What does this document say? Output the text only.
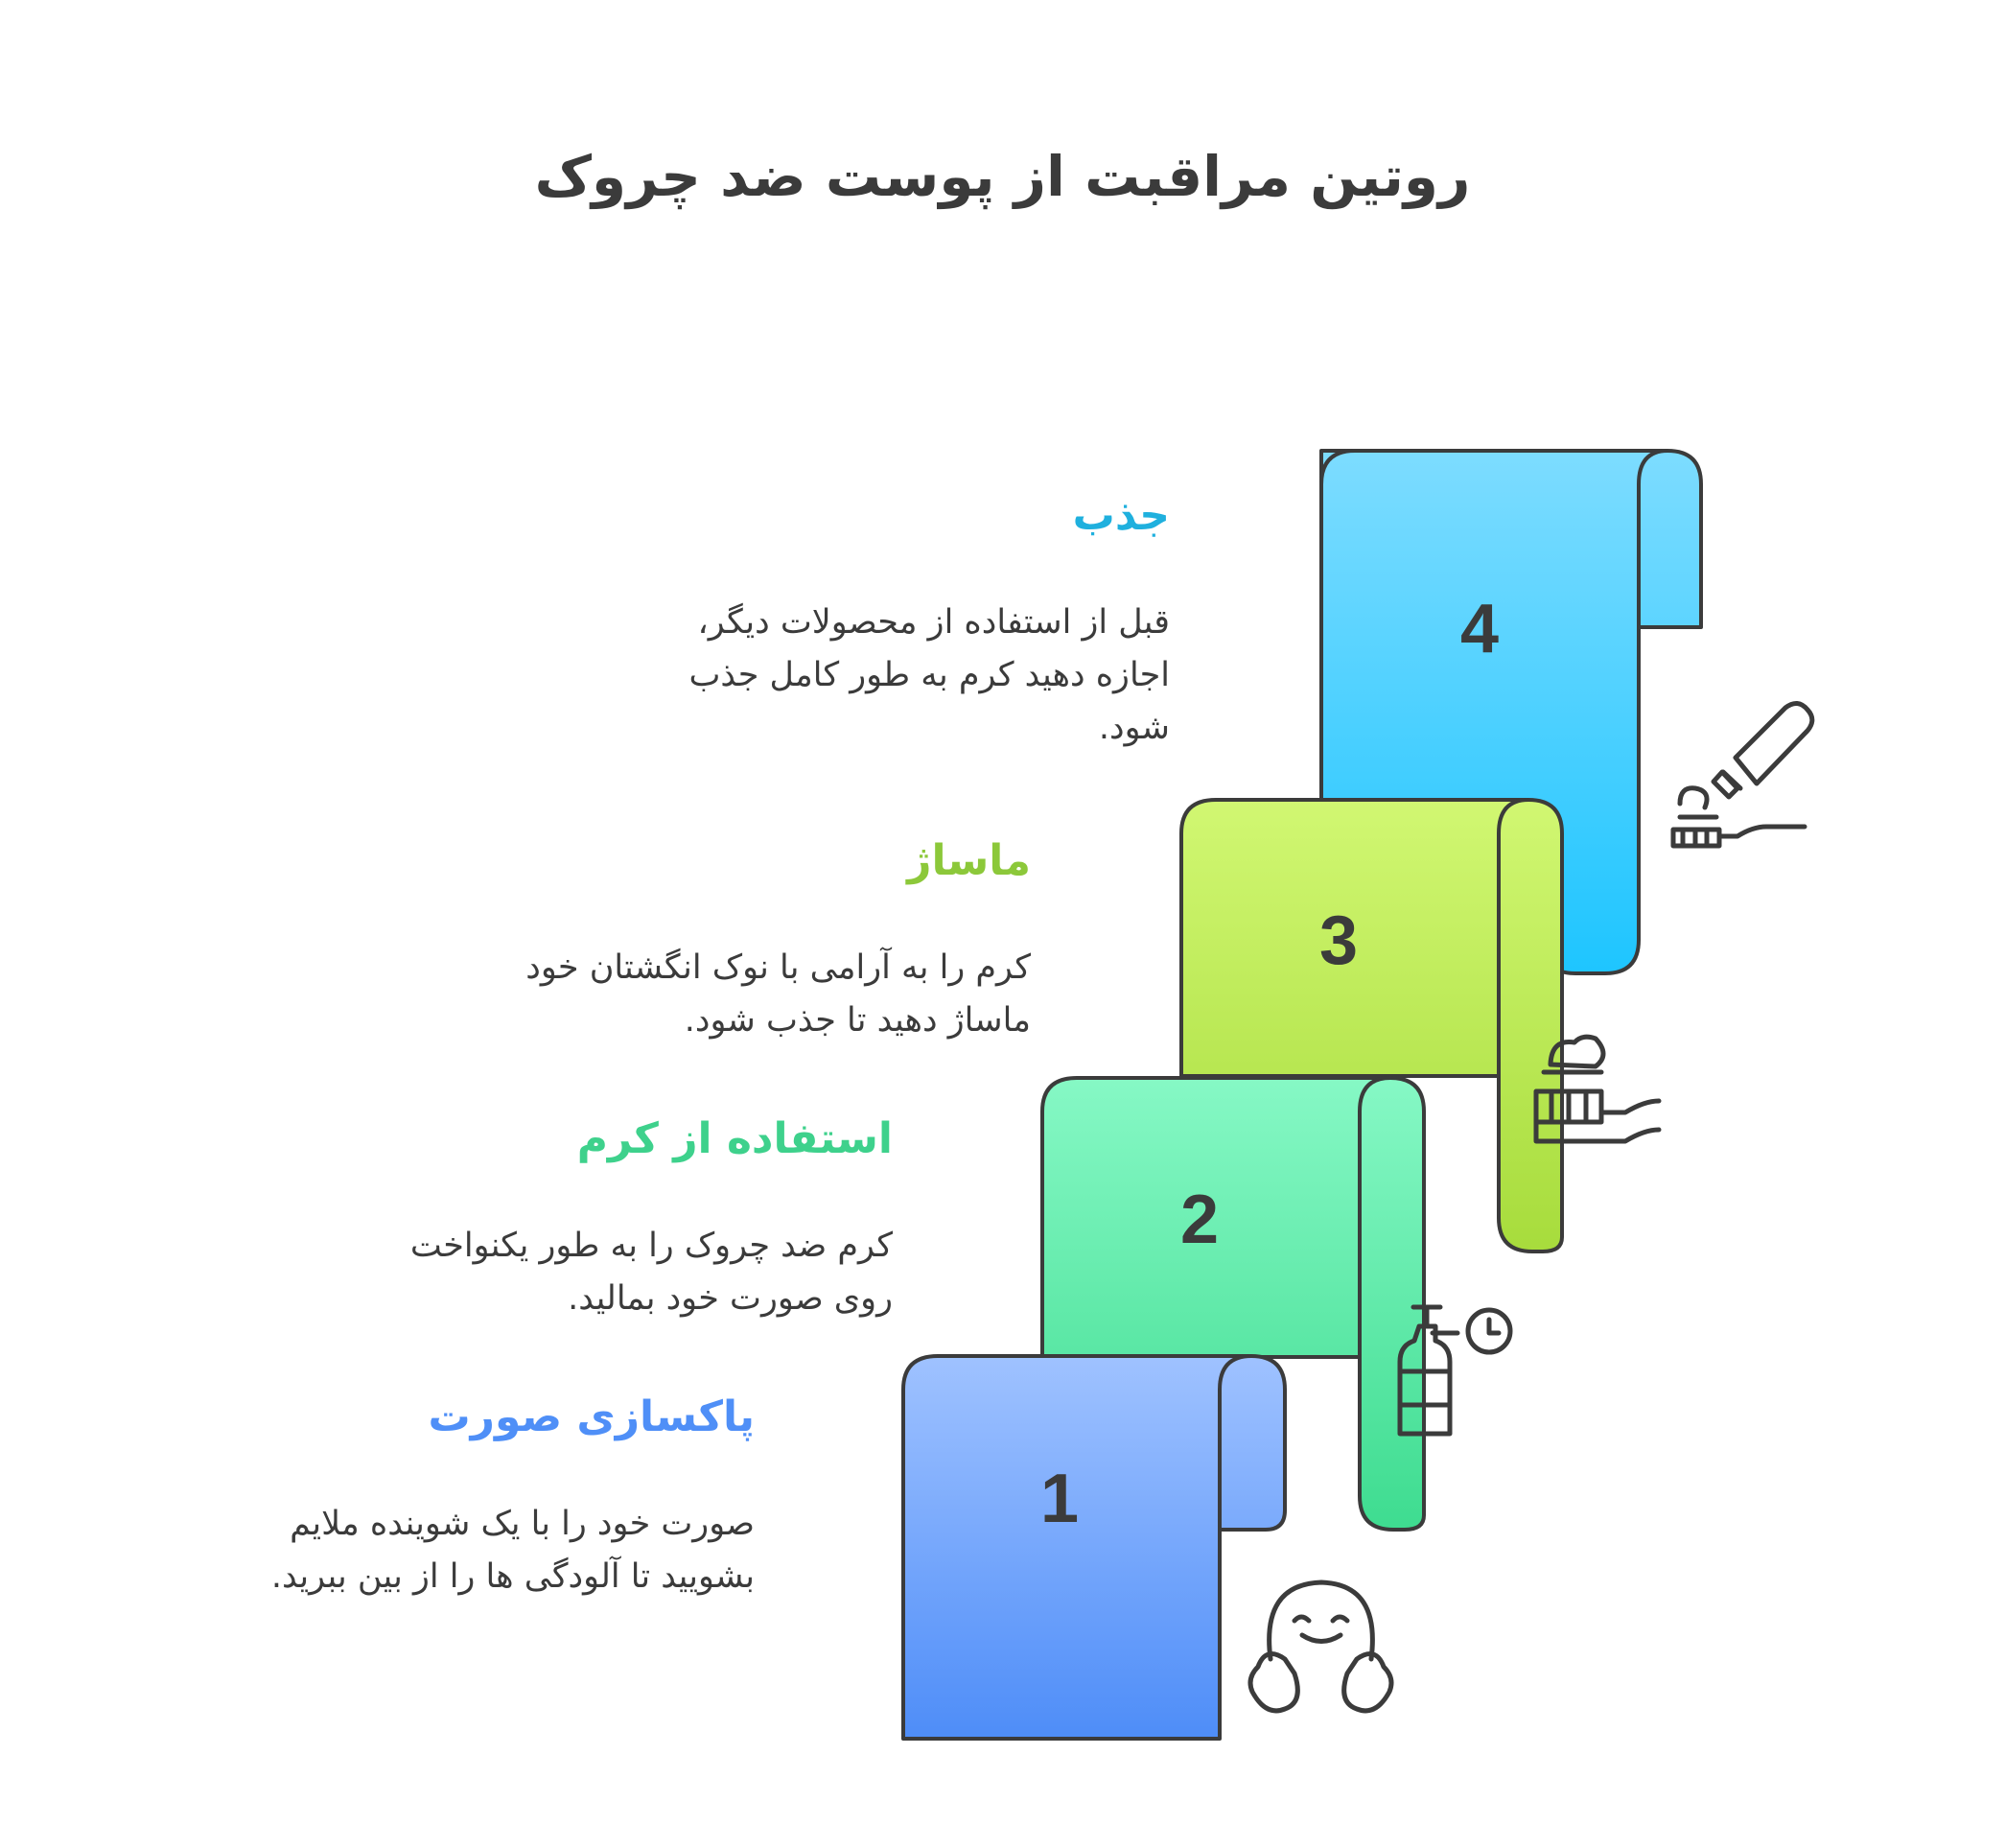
روتین مراقبت از پوست ضد چروک
4
3
2
1
جذب
قبل از استفاده از محصولات دیگر،
اجازه دهید کرم به طور کامل جذب
شود.
ماساژ
کرم را به آرامی با نوک انگشتان خود
ماساژ دهید تا جذب شود.
استفاده از کرم
کرم ضد چروک را به طور یکنواخت
روی صورت خود بمالید.
پاکسازی صورت
صورت خود را با یک شوینده ملایم
بشویید تا آلودگی ها را از بین ببرید.
